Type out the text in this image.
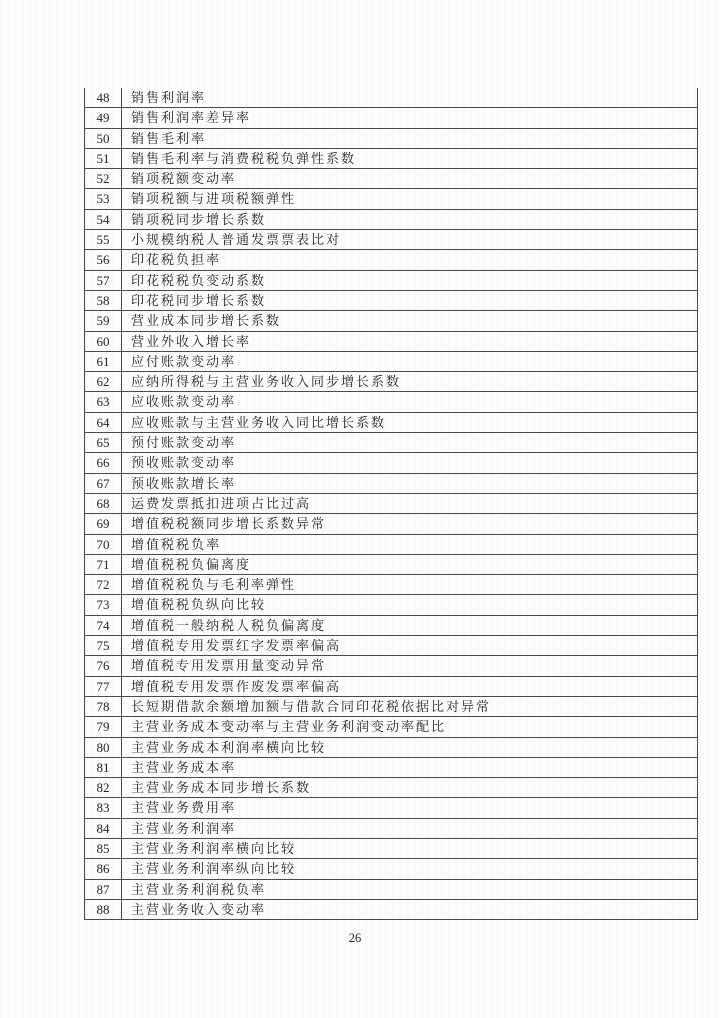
48	销售利润率
49	销售利润率差异率
50	销售毛利率
51	销售毛利率与消费税税负弹性系数
52	销项税额变动率
53	销项税额与进项税额弹性
54	销项税同步增长系数
55	小规模纳税人普通发票票表比对
56	印花税负担率
57	印花税税负变动系数
58	印花税同步增长系数
59	营业成本同步增长系数
60	营业外收入增长率
61	应付账款变动率
62	应纳所得税与主营业务收入同步增长系数
63	应收账款变动率
64	应收账款与主营业务收入同比增长系数
65	预付账款变动率
66	预收账款变动率
67	预收账款增长率
68	运费发票抵扣进项占比过高
69	增值税税额同步增长系数异常
70	增值税税负率
71	增值税税负偏离度
72	增值税税负与毛利率弹性
73	增值税税负纵向比较
74	增值税一般纳税人税负偏离度
75	增值税专用发票红字发票率偏高
76	增值税专用发票用量变动异常
77	增值税专用发票作废发票率偏高
78	长短期借款余额增加额与借款合同印花税依据比对异常
79	主营业务成本变动率与主营业务利润变动率配比
80	主营业务成本利润率横向比较
81	主营业务成本率
82	主营业务成本同步增长系数
83	主营业务费用率
84	主营业务利润率
85	主营业务利润率横向比较
86	主营业务利润率纵向比较
87	主营业务利润税负率
88	主营业务收入变动率
26
